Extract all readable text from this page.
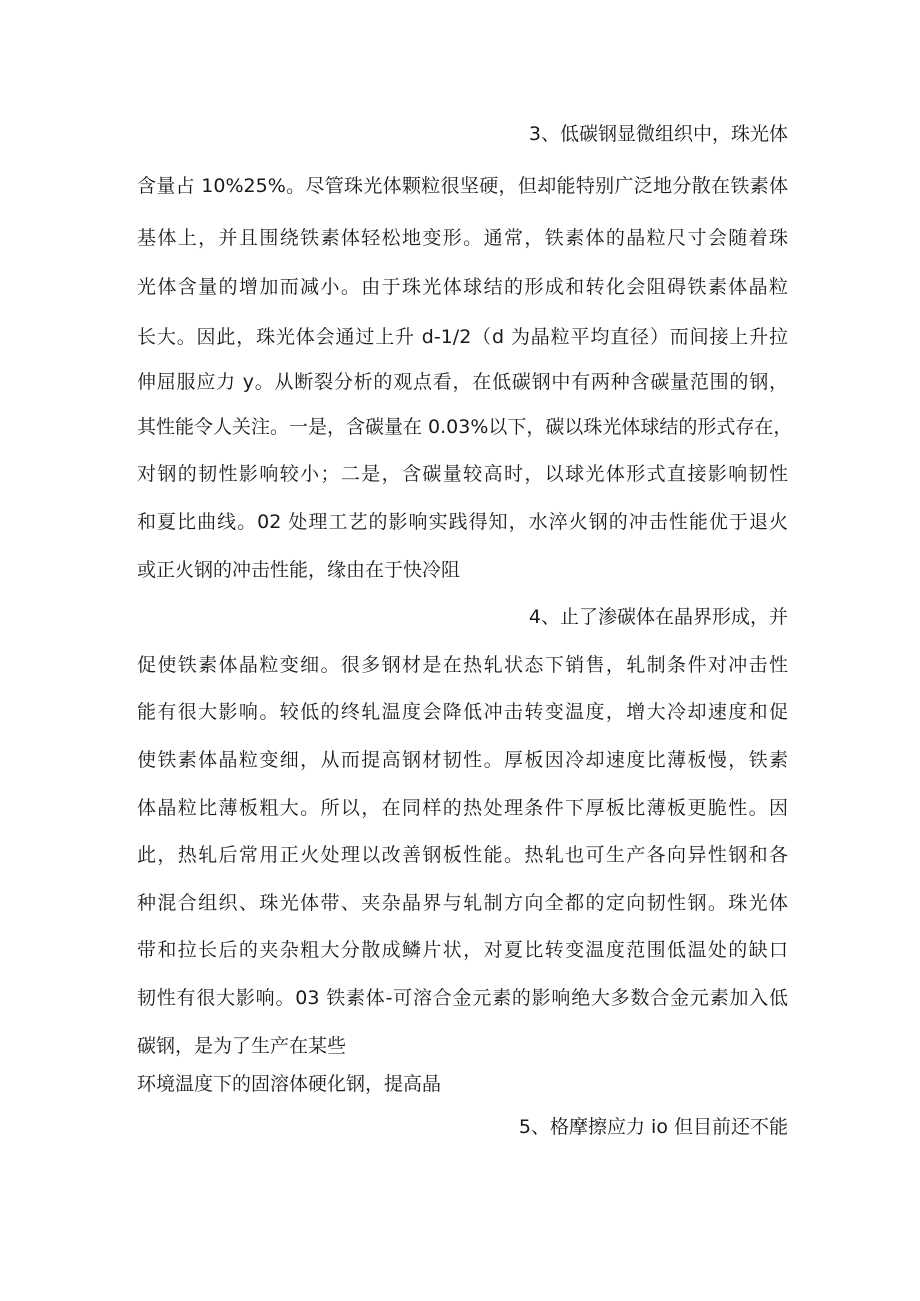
3、低碳钢显微组织中，珠光体
含量占 10%25%。尽管珠光体颗粒很坚硬，但却能特别广泛地分散在铁素体
基体上，并且围绕铁素体轻松地变形。通常，铁素体的晶粒尺寸会随着珠
光体含量的增加而减小。由于珠光体球结的形成和转化会阻碍铁素体晶粒
长大。因此，珠光体会通过上升 d-1/2（d 为晶粒平均直径）而间接上升拉
伸屈服应力 y。从断裂分析的观点看，在低碳钢中有两种含碳量范围的钢，
其性能令人关注。一是，含碳量在 0.03%以下，碳以珠光体球结的形式存在，
对钢的韧性影响较小；二是，含碳量较高时，以球光体形式直接影响韧性
和夏比曲线。02 处理工艺的影响实践得知，水淬火钢的冲击性能优于退火
或正火钢的冲击性能，缘由在于快冷阻
4、止了渗碳体在晶界形成，并
促使铁素体晶粒变细。很多钢材是在热轧状态下销售，轧制条件对冲击性
能有很大影响。较低的终轧温度会降低冲击转变温度，增大冷却速度和促
使铁素体晶粒变细，从而提高钢材韧性。厚板因冷却速度比薄板慢，铁素
体晶粒比薄板粗大。所以，在同样的热处理条件下厚板比薄板更脆性。因
此，热轧后常用正火处理以改善钢板性能。热轧也可生产各向异性钢和各
种混合组织、珠光体带、夹杂晶界与轧制方向全都的定向韧性钢。珠光体
带和拉长后的夹杂粗大分散成鳞片状，对夏比转变温度范围低温处的缺口
韧性有很大影响。03 铁素体-可溶合金元素的影响绝大多数合金元素加入低
碳钢，是为了生产在某些
环境温度下的固溶体硬化钢，提高晶
5、格摩擦应力 io 但目前还不能
